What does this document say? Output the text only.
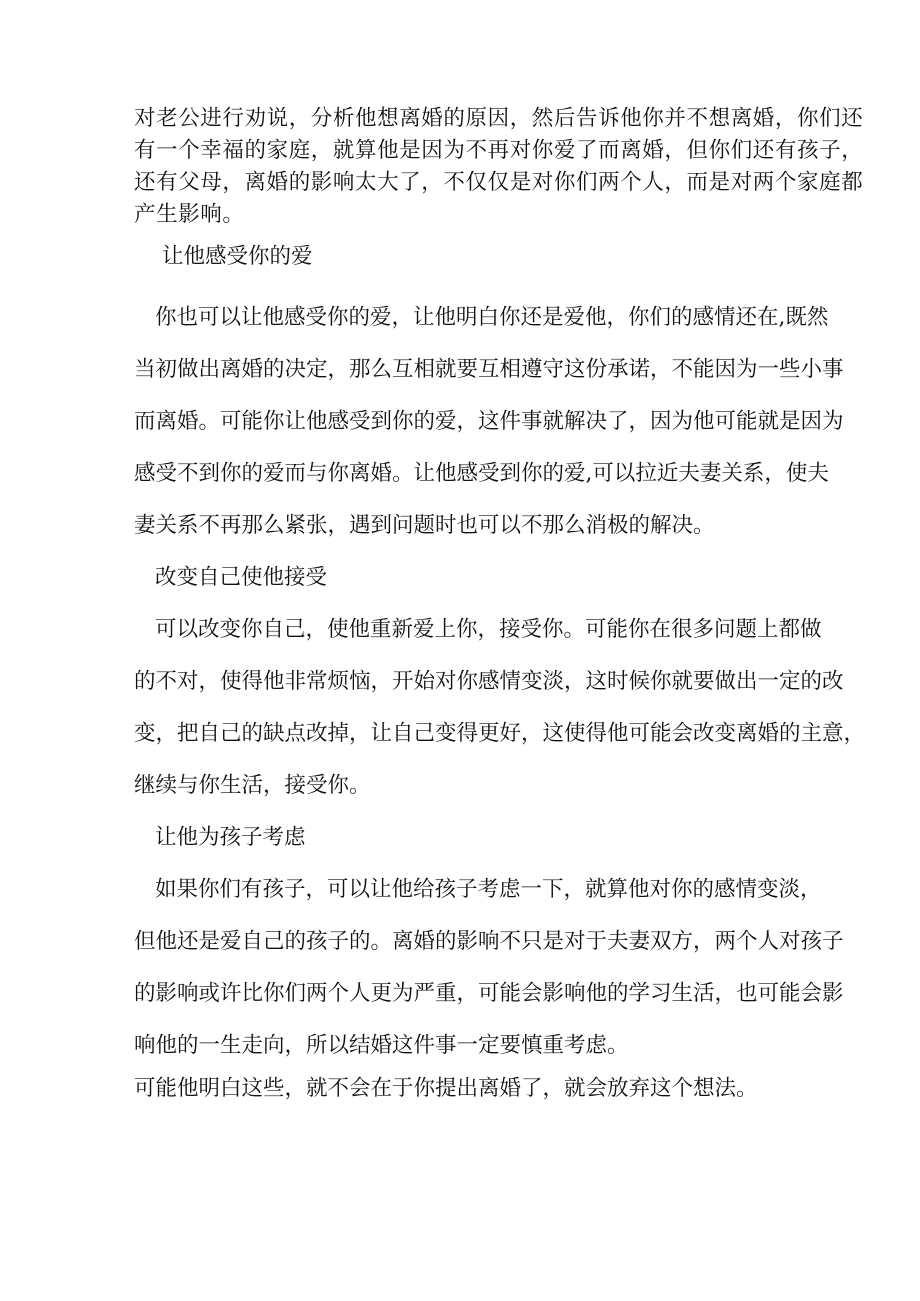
对老公进行劝说，分析他想离婚的原因，然后告诉他你并不想离婚，你们还
有一个幸福的家庭，就算他是因为不再对你爱了而离婚，但你们还有孩子，
还有父母，离婚的影响太大了，不仅仅是对你们两个人，而是对两个家庭都
产生影响。
让他感受你的爱
你也可以让他感受你的爱，让他明白你还是爱他，你们的感情还在,既然
当初做出离婚的决定，那么互相就要互相遵守这份承诺，不能因为一些小事
而离婚。可能你让他感受到你的爱，这件事就解决了，因为他可能就是因为
感受不到你的爱而与你离婚。让他感受到你的爱,可以拉近夫妻关系，使夫
妻关系不再那么紧张，遇到问题时也可以不那么消极的解决。
改变自己使他接受
可以改变你自己，使他重新爱上你，接受你。可能你在很多问题上都做
的不对，使得他非常烦恼，开始对你感情变淡，这时候你就要做出一定的改
变，把自己的缺点改掉，让自己变得更好，这使得他可能会改变离婚的主意，
继续与你生活，接受你。
让他为孩子考虑
如果你们有孩子，可以让他给孩子考虑一下，就算他对你的感情变淡，
但他还是爱自己的孩子的。离婚的影响不只是对于夫妻双方，两个人对孩子
的影响或许比你们两个人更为严重，可能会影响他的学习生活，也可能会影
响他的一生走向，所以结婚这件事一定要慎重考虑。
可能他明白这些，就不会在于你提出离婚了，就会放弃这个想法。
